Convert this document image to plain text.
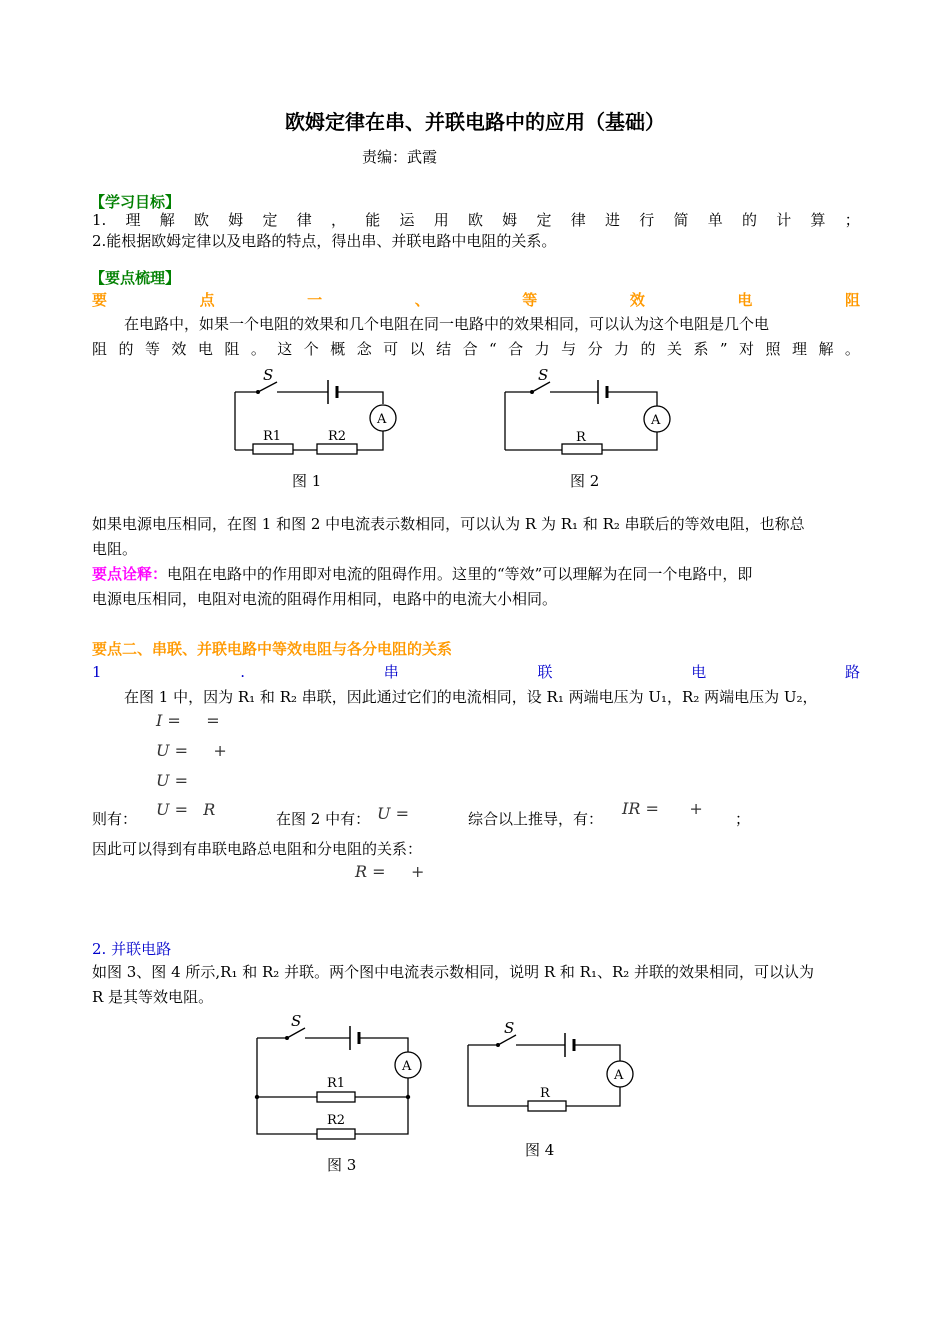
欧姆定律在串、并联电路中的应用（基础）
责编：武霞
【学习目标】
1. 理 解 欧 姆 定 律 ， 能 运 用 欧 姆 定 律 进 行 简 单 的 计 算 ；
2.能根据欧姆定律以及电路的特点，得出串、并联电路中电阻的关系。
【要点梳理】
要	点	一	、	等	效	电	阻
在电路中，如果一个电阻的效果和几个电阻在同一电路中的效果相同，可以认为这个电阻是几个电
阻 的 等 效 电 阻 。 这 个 概 念 可 以 结 合 “ 合 力 与 分 力 的 关 系 ” 对 照 理 解 。
S
A
R1	R2
图 1
S
A
R
图 2
如果电源电压相同，在图 1 和图 2 中电流表示数相同，可以认为 R 为 R₁ 和 R₂ 串联后的等效电阻，也称总
电阻。
要点诠释：电阻在电路中的作用即对电流的阻碍作用。这里的“等效”可以理解为在同一个电路中，即
电源电压相同，电阻对电流的阻碍作用相同，电路中的电流大小相同。
要点二、串联、并联电路中等效电阻与各分电阻的关系
1	.	串	联	电	路
在图 1 中，因为 R₁ 和 R₂ 串联，因此通过它们的电流相同，设 R₁ 两端电压为 U₁，R₂ 两端电压为 U₂，
I = =
U = +
U =
U = R
则有：	在图 2 中有： U =	综合以上推导，有：
IR = +
；
因此可以得到有串联电路总电阻和分电阻的关系：
R = +
2. 并联电路
如图 3、图 4 所示,R₁ 和 R₂ 并联。两个图中电流表示数相同，说明 R 和 R₁、R₂ 并联的效果相同，可以认为
R 是其等效电阻。
S
A
R1
R2
图 3
S
A
R
图 4
